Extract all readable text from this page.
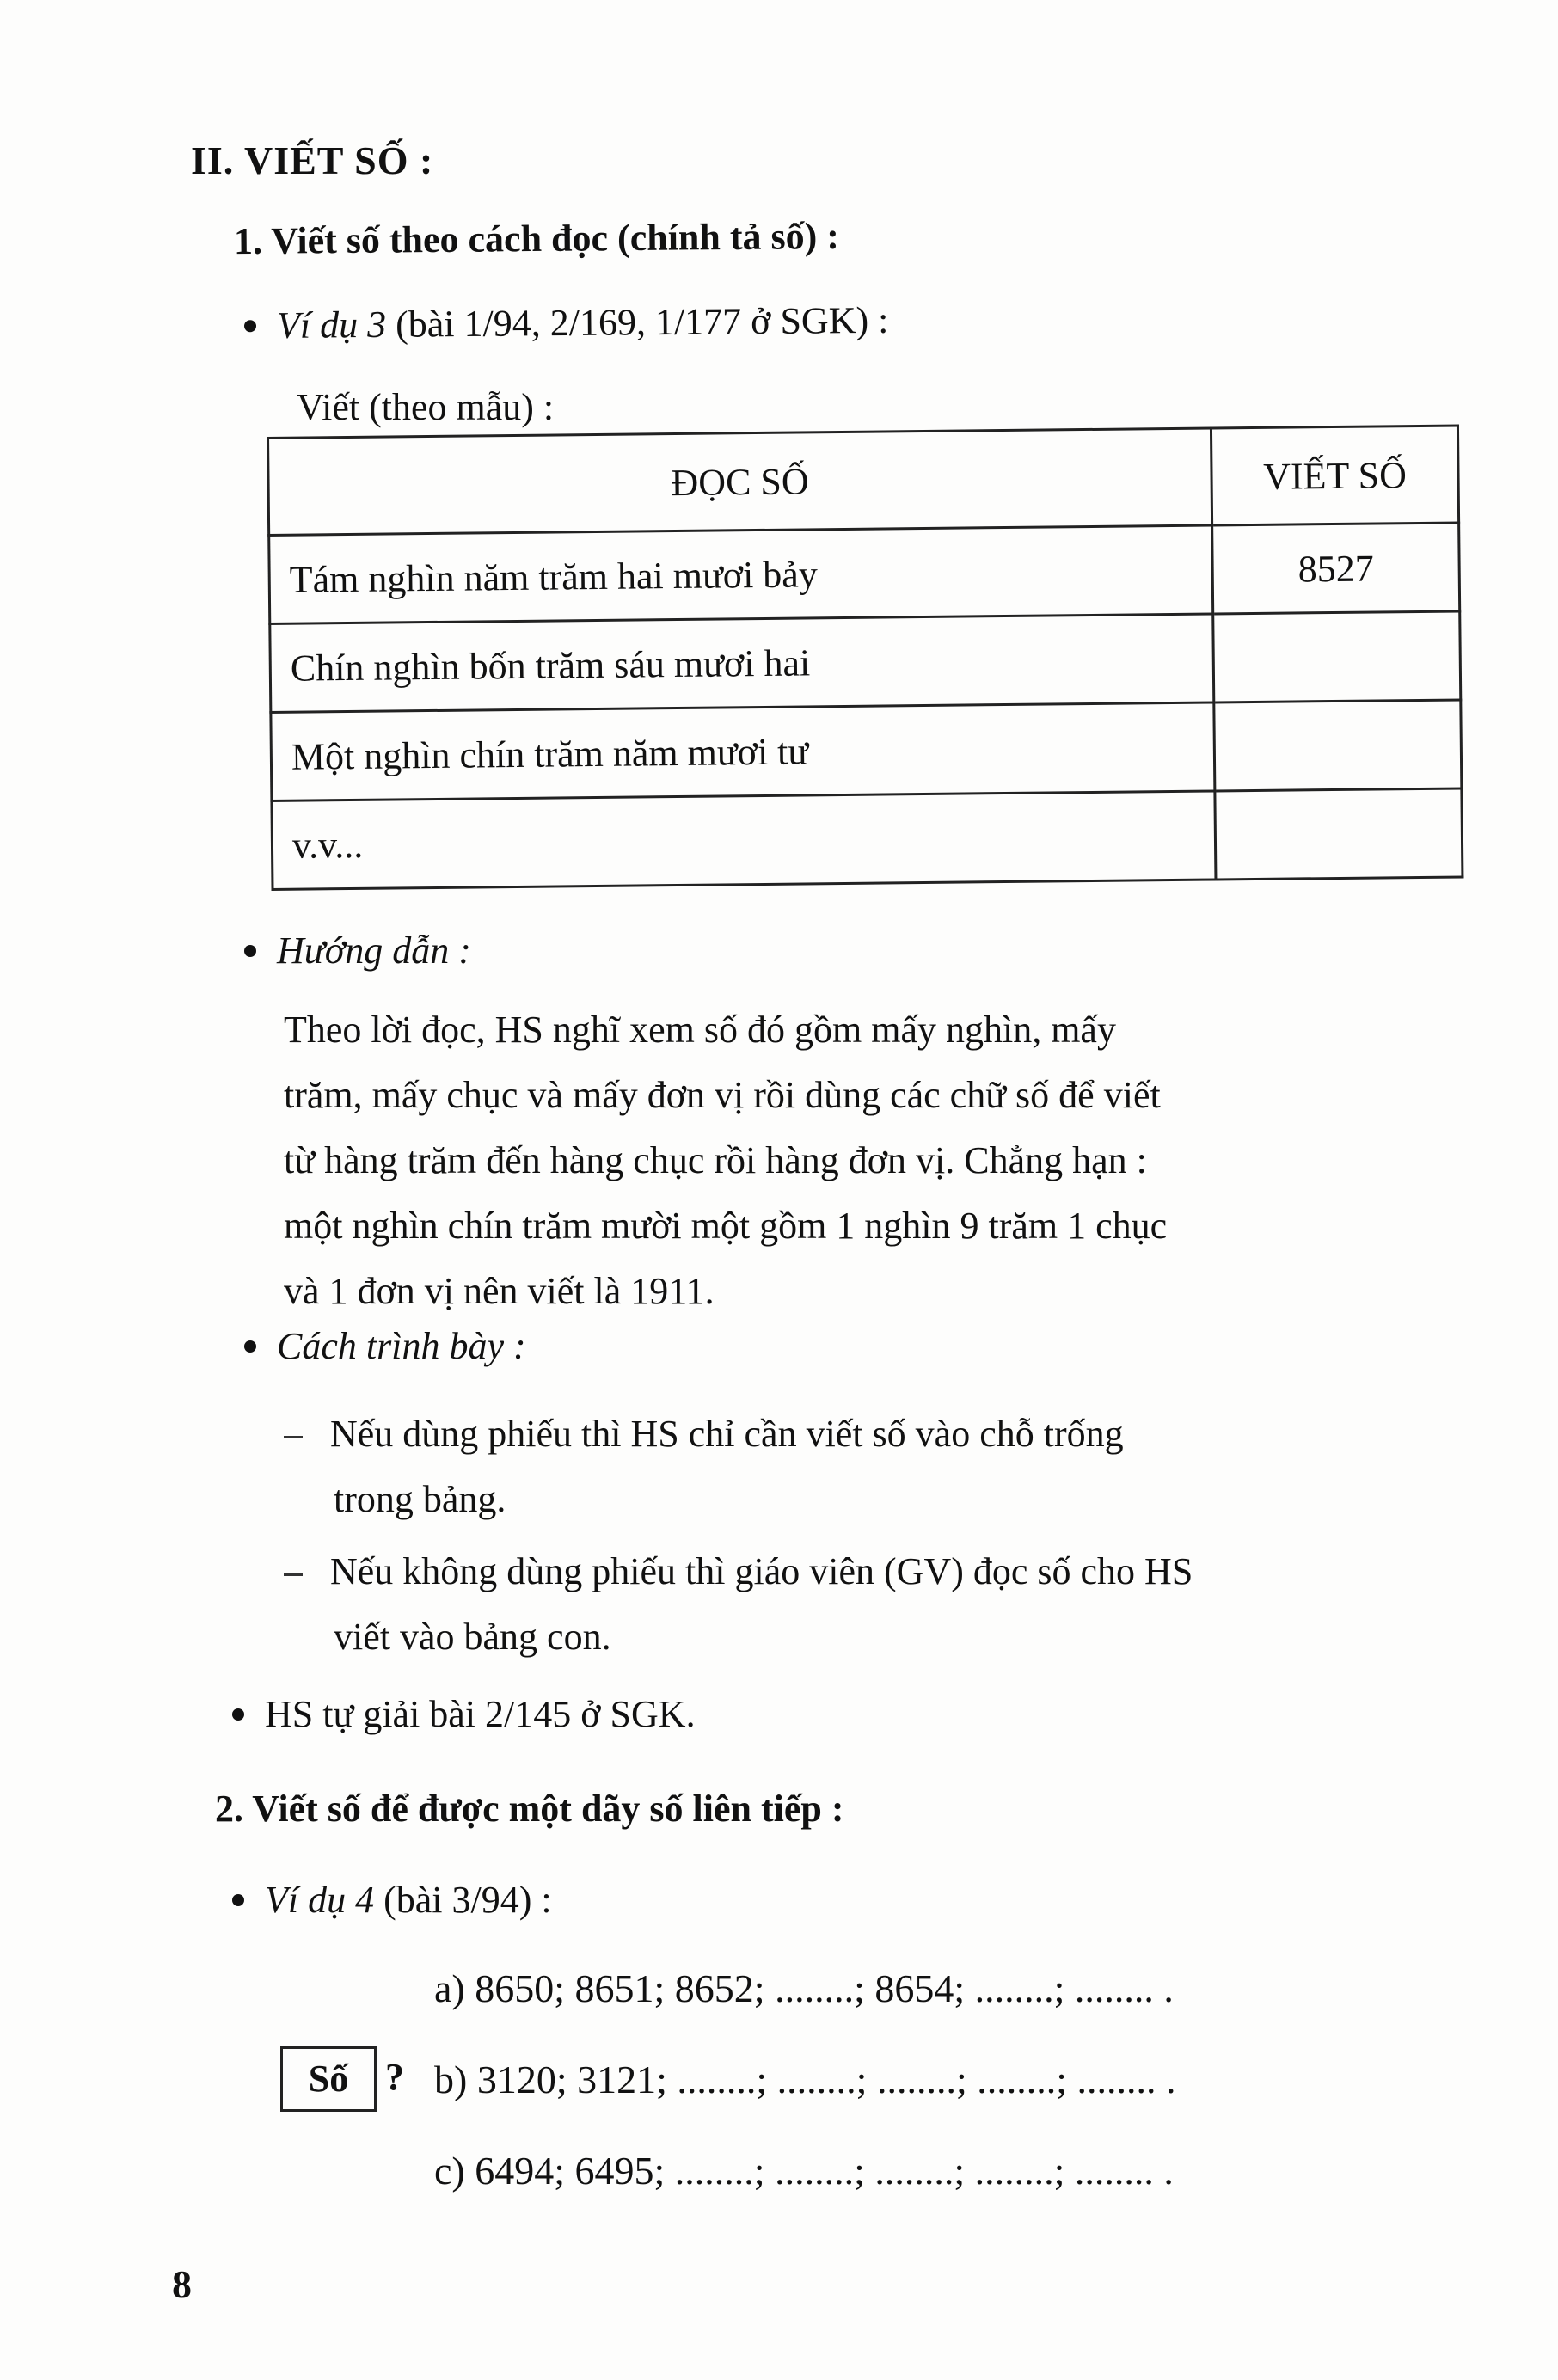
II. VIẾT SỐ :
1. Viết số theo cách đọc (chính tả số) :
Ví dụ 3 (bài 1/94, 2/169, 1/177 ở SGK) :
Viết (theo mẫu) :
ĐỌC SỐ	VIẾT SỐ
Tám nghìn năm trăm hai mươi bảy	8527
Chín nghìn bốn trăm sáu mươi hai	
Một nghìn chín trăm năm mươi tư	
v.v...	
Hướng dẫn :
Theo lời đọc, HS nghĩ xem số đó gồm mấy nghìn, mấy
trăm, mấy chục và mấy đơn vị rồi dùng các chữ số để viết
từ hàng trăm đến hàng chục rồi hàng đơn vị. Chẳng hạn :
một nghìn chín trăm mười một gồm 1 nghìn 9 trăm 1 chục
và 1 đơn vị nên viết là 1911.
Cách trình bày :
Nếu dùng phiếu thì HS chỉ cần viết số vào chỗ trống
trong bảng.
Nếu không dùng phiếu thì giáo viên (GV) đọc số cho HS
viết vào bảng con.
HS tự giải bài 2/145 ở SGK.
2. Viết số để được một dãy số liên tiếp :
Ví dụ 4 (bài 3/94) :
a) 8650; 8651; 8652; ........; 8654; ........; ........ .
Số ? b) 3120; 3121; ........; ........; ........; ........; ........ .
c) 6494; 6495; ........; ........; ........; ........; ........ .
8
